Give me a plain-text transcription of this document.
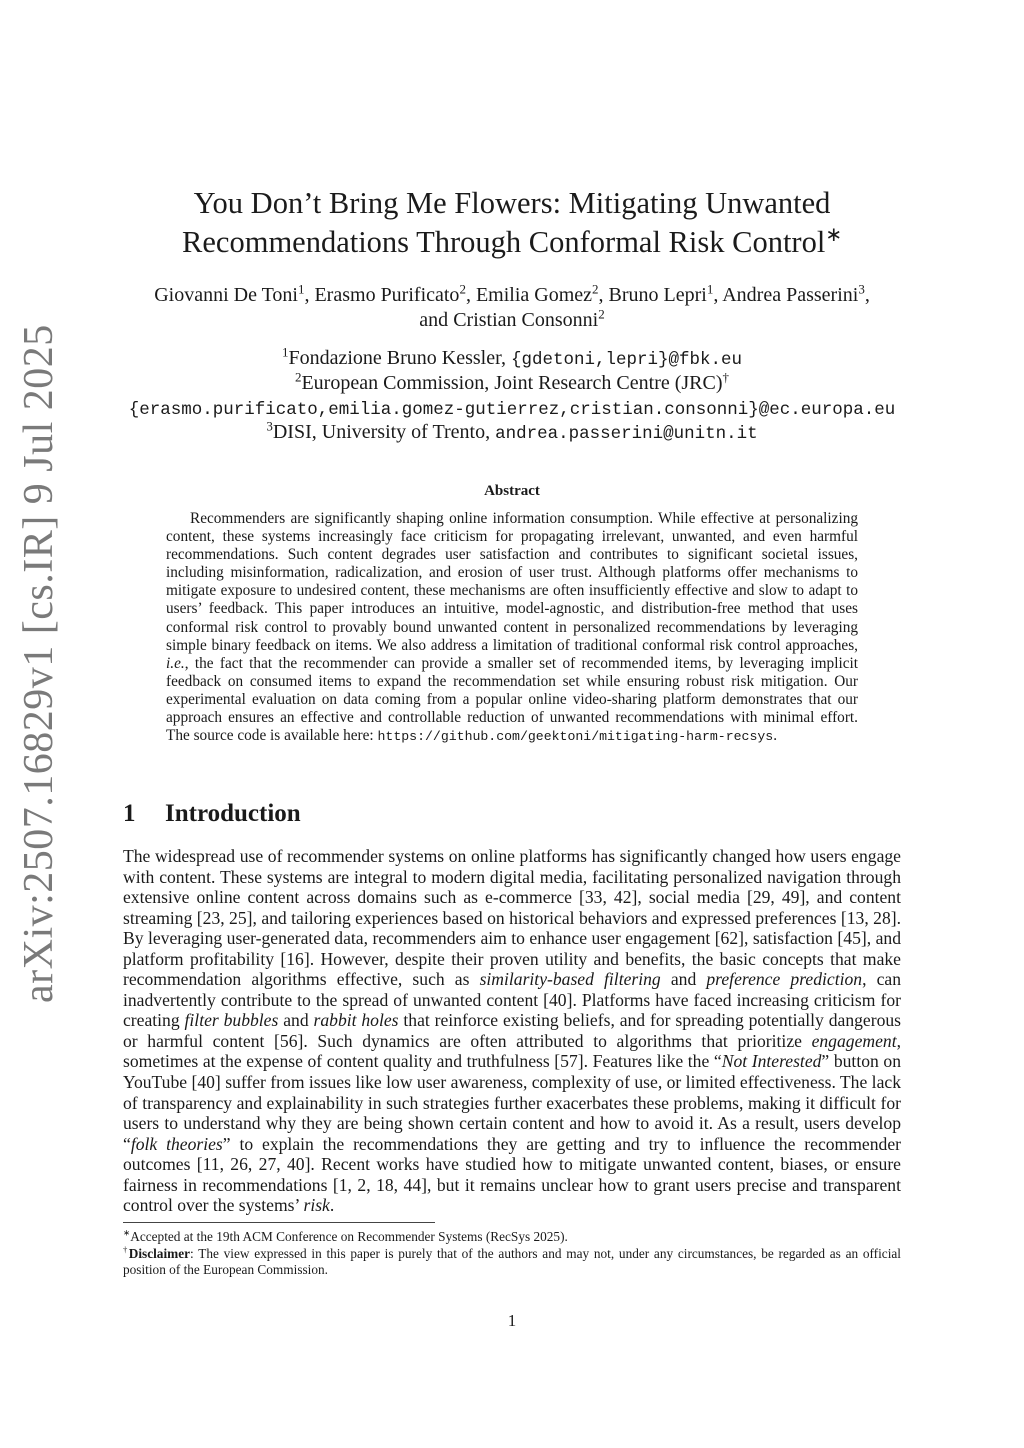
arXiv:2507.16829v1 [cs.IR] 9 Jul 2025
You Don’t Bring Me Flowers: Mitigating Unwanted
Recommendations Through Conformal Risk Control∗
Giovanni De Toni$^1$, Erasmo Purificato$^2$, Emilia Gomez$^2$, Bruno Lepri$^1$, Andrea Passerini$^3$,
and Cristian Consonni$^2$
$^1$Fondazione Bruno Kessler, {gdetoni,lepri}@fbk.eu
$^2$European Commission, Joint Research Centre (JRC)†
{erasmo.purificato,emilia.gomez-gutierrez,cristian.consonni}@ec.europa.eu
$^3$DISI, University of Trento, andrea.passerini@unitn.it
Abstract
Recommenders are significantly shaping online information consumption. While effective at personalizing content, these systems increasingly face criticism for propagating irrelevant, unwanted, and even harmful recommendations. Such content degrades user satisfaction and contributes to significant societal issues, including misinformation, radicalization, and erosion of user trust. Although platforms offer mechanisms to mitigate exposure to undesired content, these mechanisms are often insufficiently effective and slow to adapt to users’ feedback. This paper introduces an intuitive, model-agnostic, and distribution-free method that uses conformal risk control to provably bound unwanted content in personalized recommendations by leveraging simple binary feedback on items. We also address a limitation of traditional conformal risk control approaches, i.e., the fact that the recommender can provide a smaller set of recommended items, by leveraging implicit feedback on consumed items to expand the recommendation set while ensuring robust risk mitigation. Our experimental evaluation on data coming from a popular online video-sharing platform demonstrates that our approach ensures an effective and controllable reduction of unwanted recommendations with minimal effort. The source code is available here: https://github.com/geektoni/mitigating-harm-recsys.
1 Introduction
The widespread use of recommender systems on online platforms has significantly changed how users engage with content. These systems are integral to modern digital media, facilitating personalized navigation through extensive online content across domains such as e-commerce [33, 42], social media [29, 49], and content streaming [23, 25], and tailoring experiences based on historical behaviors and expressed preferences [13, 28]. By leveraging user-generated data, recommenders aim to enhance user engagement [62], satisfaction [45], and platform profitability [16]. However, despite their proven utility and benefits, the basic concepts that make recommendation algorithms effective, such as similarity-based filtering and preference prediction, can inadvertently contribute to the spread of unwanted content [40]. Platforms have faced increasing criticism for creating filter bubbles and rabbit holes that reinforce existing beliefs, and for spreading potentially dangerous or harmful content [56]. Such dynamics are often attributed to algorithms that prioritize engagement, sometimes at the expense of content quality and truthfulness [57]. Features like the “Not Interested” button on YouTube [40] suffer from issues like low user awareness, complexity of use, or limited effectiveness. The lack of transparency and explainability in such strategies further exacerbates these problems, making it difficult for users to understand why they are being shown certain content and how to avoid it. As a result, users develop “folk theories” to explain the recommendations they are getting and try to influence the recommender outcomes [11, 26, 27, 40]. Recent works have studied how to mitigate unwanted content, biases, or ensure fairness in recommendations [1, 2, 18, 44], but it remains unclear how to grant users precise and transparent control over the systems’ risk.
∗Accepted at the 19th ACM Conference on Recommender Systems (RecSys 2025).
†Disclaimer: The view expressed in this paper is purely that of the authors and may not, under any circumstances, be regarded as an official position of the European Commission.
1
